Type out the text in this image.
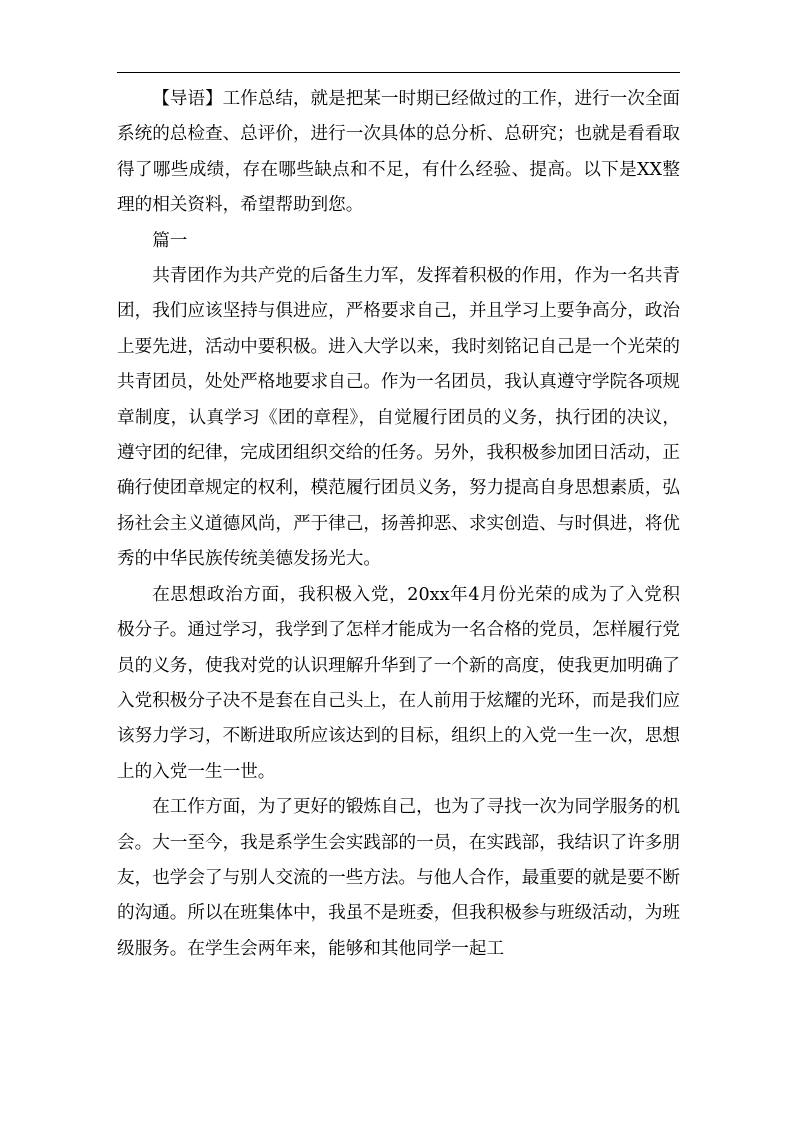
【导语】工作总结，就是把某一时期已经做过的工作，进行一次全面系统的总检查、总评价，进行一次具体的总分析、总研究；也就是看看取得了哪些成绩，存在哪些缺点和不足，有什么经验、提高。以下是XX整理的相关资料，希望帮助到您。

篇一

共青团作为共产党的后备生力军，发挥着积极的作用，作为一名共青团，我们应该坚持与俱进应，严格要求自己，并且学习上要争高分，政治上要先进，活动中要积极。进入大学以来，我时刻铭记自己是一个光荣的共青团员，处处严格地要求自己。作为一名团员，我认真遵守学院各项规章制度，认真学习《团的章程》，自觉履行团员的义务，执行团的决议，遵守团的纪律，完成团组织交给的任务。另外，我积极参加团日活动，正确行使团章规定的权利，模范履行团员义务，努力提高自身思想素质，弘扬社会主义道德风尚，严于律己，扬善抑恶、求实创造、与时俱进，将优秀的中华民族传统美德发扬光大。

在思想政治方面，我积极入党，20xx年4月份光荣的成为了入党积极分子。通过学习，我学到了怎样才能成为一名合格的党员，怎样履行党员的义务，使我对党的认识理解升华到了一个新的高度，使我更加明确了入党积极分子决不是套在自己头上，在人前用于炫耀的光环，而是我们应该努力学习，不断进取所应该达到的目标，组织上的入党一生一次，思想上的入党一生一世。

在工作方面，为了更好的锻炼自己，也为了寻找一次为同学服务的机会。大一至今，我是系学生会实践部的一员，在实践部，我结识了许多朋友，也学会了与别人交流的一些方法。与他人合作，最重要的就是要不断的沟通。所以在班集体中，我虽不是班委，但我积极参与班级活动，为班级服务。在学生会两年来，能够和其他同学一起工
